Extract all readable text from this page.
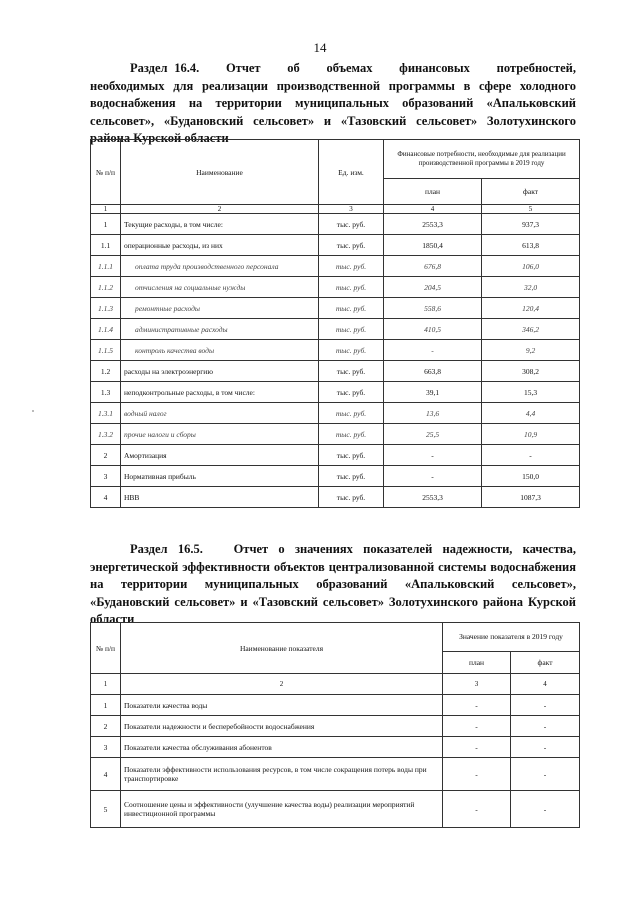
14
Раздел 16.4.    Отчет    об    объемах    финансовых    потребностей,
необходимых для реализации производственной программы в сфере холодного водоснабжения на территории муниципальных образований «Апальковский сельсовет», «Будановский сельсовет» и «Тазовский сельсовет» Золотухинского района Курской области
№ п/п	Наименование	Ед. изм.	Финансовые потребности, необходимые для реализации производственной программы в 2019 году	
			план	факт
1	2	3	4	5
1	Текущие расходы, в том числе:	тыс. руб.	2553,3	937,3
1.1	операционные расходы, из них	тыс. руб.	1850,4	613,8
1.1.1	оплата труда производственного персонала	тыс. руб.	676,8	106,0
1.1.2	отчисления на социальные нужды	тыс. руб.	204,5	32,0
1.1.3	ремонтные расходы	тыс. руб.	558,6	120,4
1.1.4	административные расходы	тыс. руб.	410,5	346,2
1.1.5	контроль качества воды	тыс. руб.	-	9,2
1.2	расходы на электроэнергию	тыс. руб.	663,8	308,2
1.3	неподконтрольные расходы, в том числе:	тыс. руб.	39,1	15,3
1.3.1	водный налог	тыс. руб.	13,6	4,4
1.3.2	прочие налоги и сборы	тыс. руб.	25,5	10,9
2	Амортизация	тыс. руб.	-	-
3	Нормативная прибыль	тыс. руб.	-	150,0
4	НВВ	тыс. руб.	2553,3	1087,3
Раздел 16.5.   Отчет о значениях показателей надежности, качества,
энергетической эффективности объектов централизованной системы водоснабжения на территории муниципальных образований «Апальковский сельсовет», «Будановский сельсовет» и «Тазовский сельсовет» Золотухинского района Курской области
№ п/п	Наименование показателя	Значение показателя в 2019 году	
		план	факт
1	2	3	4
1	Показатели качества воды	-	-
2	Показатели надежности и бесперебойности водоснабжения	-	-
3	Показатели качества обслуживания абонентов	-	-
4	Показатели эффективности использования ресурсов, в том числе сокращения потерь воды при транспортировке	-	-
5	Соотношение цены и эффективности (улучшение качества воды) реализации мероприятий инвестиционной программы	-	-
